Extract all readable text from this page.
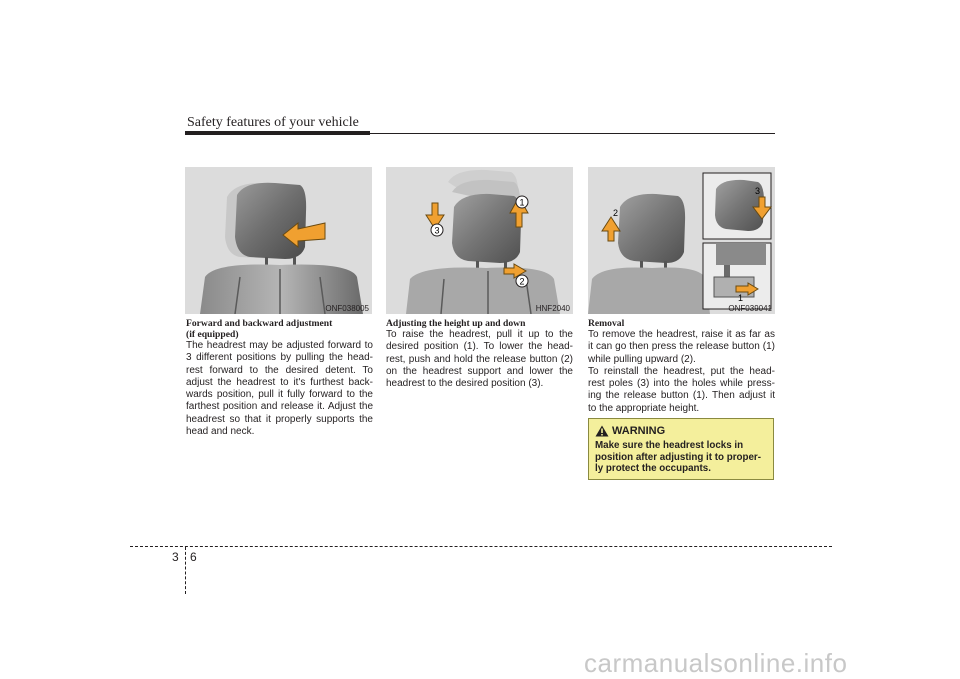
Safety features of your vehicle
ONF038005
1
2
3
HNF2040
2
3
1
ONF039041
Forward and backward adjustment
(if equipped)
The headrest may be adjusted forward to 3 different positions by pulling the head-rest forward to the desired detent. To adjust the headrest to it's furthest back-wards position, pull it fully forward to the farthest position and release it. Adjust the headrest so that it properly supports the head and neck.
Adjusting the height up and down
To raise the headrest, pull it up to the desired position (1). To lower the head-rest, push and hold the release button (2) on the headrest support and lower the headrest to the desired position (3).
Removal
To remove the headrest, raise it as far as it can go then press the release button (1) while pulling upward (2).
To reinstall the headrest, put the head-rest poles (3) into the holes while press-ing the release button (1). Then adjust it to the appropriate height.
WARNING
Make sure the headrest locks in position after adjusting it to proper-ly protect the occupants.
3 6
carmanualsonline.info
